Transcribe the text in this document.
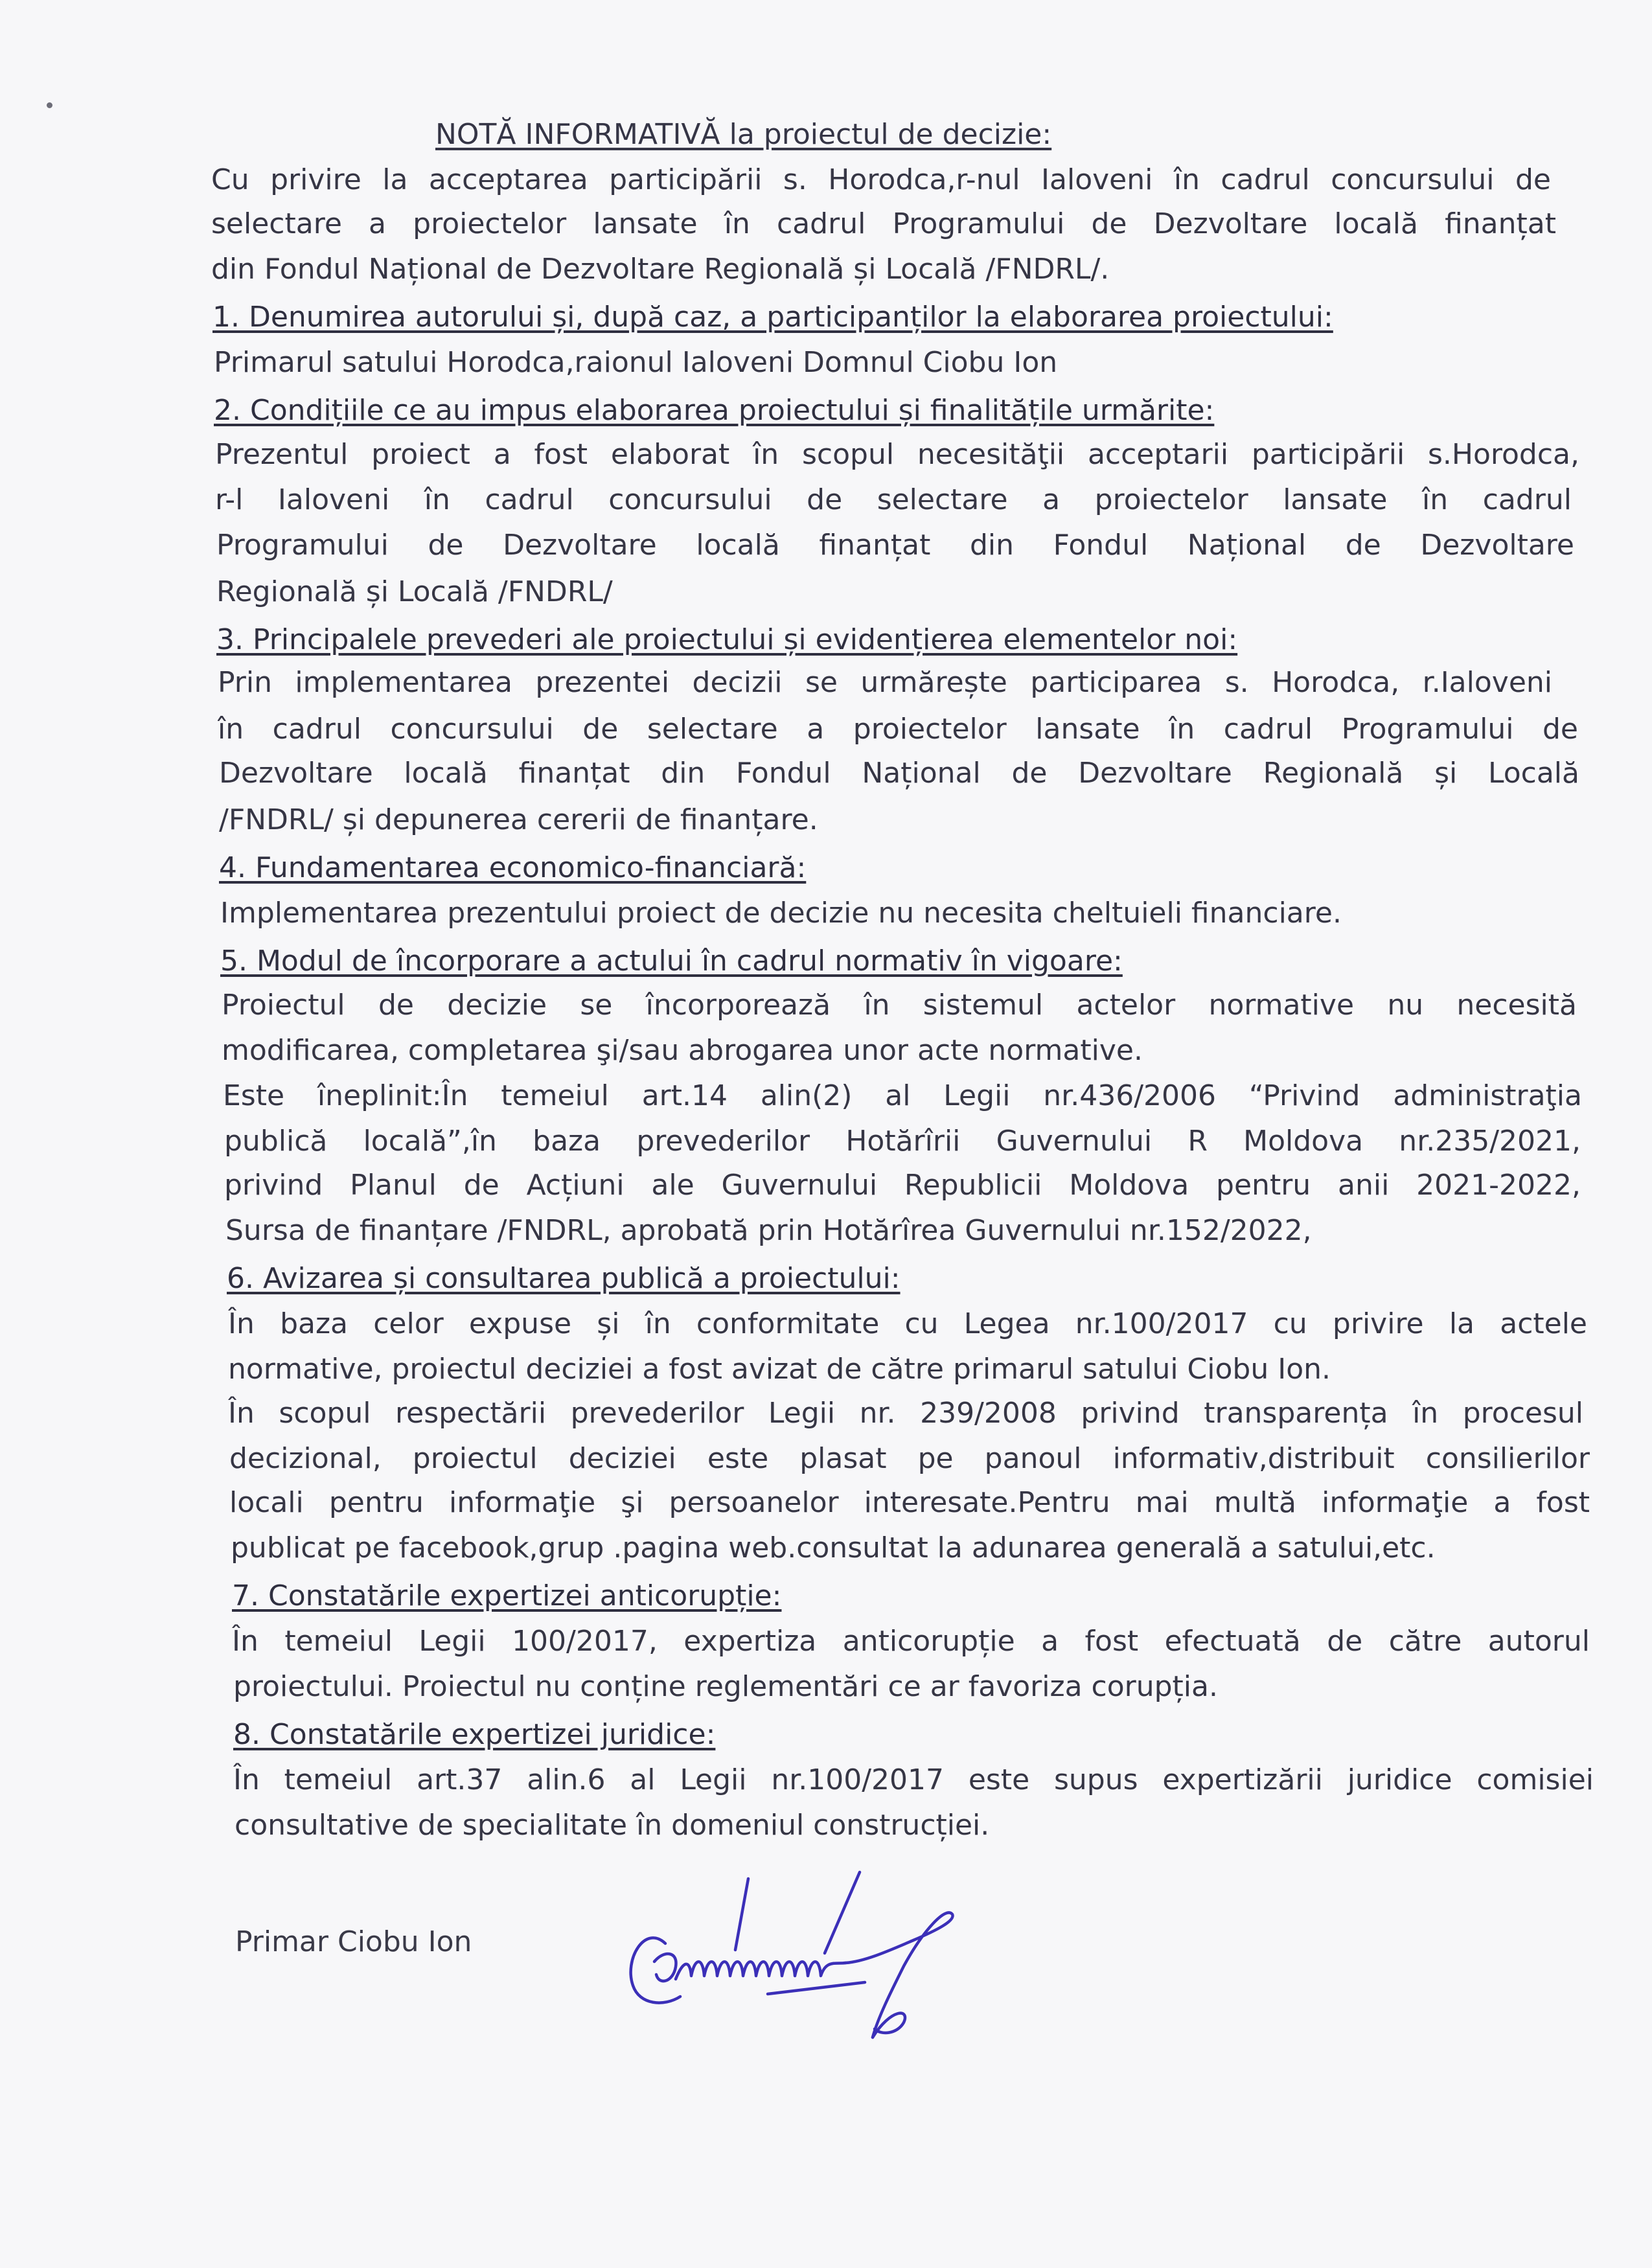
NOTĂ INFORMATIVĂ la proiectul de decizie:
Cu privire la acceptarea participării s. Horodca,r-nul Ialoveni în cadrul concursului de
selectare a proiectelor lansate în cadrul Programului de Dezvoltare locală finanțat
din Fondul Național de Dezvoltare Regională și Locală /FNDRL/.
1. Denumirea autorului și, după caz, a participanților la elaborarea proiectului:
Primarul satului Horodca,raionul Ialoveni Domnul Ciobu Ion
2. Condițiile ce au impus elaborarea proiectului și finalitățile urmărite:
Prezentul proiect a fost elaborat în scopul necesităţii acceptarii participării s.Horodca,
r-l Ialoveni în cadrul concursului de selectare a proiectelor lansate în cadrul
Programului de Dezvoltare locală finanțat din Fondul Național de Dezvoltare
Regională și Locală /FNDRL/
3. Principalele prevederi ale proiectului și evidențierea elementelor noi:
Prin implementarea prezentei decizii se urmărește participarea s. Horodca, r.Ialoveni
în cadrul concursului de selectare a proiectelor lansate în cadrul Programului de
Dezvoltare locală finanțat din Fondul Național de Dezvoltare Regională și Locală
/FNDRL/ și depunerea cererii de finanțare.
4. Fundamentarea economico-financiară:
Implementarea prezentului proiect de decizie nu necesita cheltuieli financiare.
5. Modul de încorporare a actului în cadrul normativ în vigoare:
Proiectul de decizie se încorporează în sistemul actelor normative nu necesită
modificarea, completarea şi/sau abrogarea unor acte normative.
Este îneplinit:În temeiul art.14 alin(2) al Legii nr.436/2006 “Privind administraţia
publică locală”,în baza prevederilor Hotărîrii Guvernului R Moldova nr.235/2021,
privind Planul de Acțiuni ale Guvernului Republicii Moldova pentru anii 2021-2022,
Sursa de finanțare /FNDRL, aprobată prin Hotărîrea Guvernului nr.152/2022,
6. Avizarea și consultarea publică a proiectului:
În baza celor expuse și în conformitate cu Legea nr.100/2017 cu privire la actele
normative, proiectul deciziei a fost avizat de către primarul satului Ciobu Ion.
În scopul respectării prevederilor Legii nr. 239/2008 privind transparența în procesul
decizional, proiectul deciziei este plasat pe panoul informativ,distribuit consilierilor
locali pentru informaţie şi persoanelor interesate.Pentru mai multă informaţie a fost
publicat pe facebook,grup .pagina web.consultat la adunarea generală a satului,etc.
7. Constatările expertizei anticorupție:
În temeiul Legii 100/2017, expertiza anticorupție a fost efectuată de către autorul
proiectului. Proiectul nu conține reglementări ce ar favoriza corupția.
8. Constatările expertizei juridice:
În temeiul art.37 alin.6 al Legii nr.100/2017 este supus expertizării juridice comisiei
consultative de specialitate în domeniul construcției.
Primar Ciobu Ion
